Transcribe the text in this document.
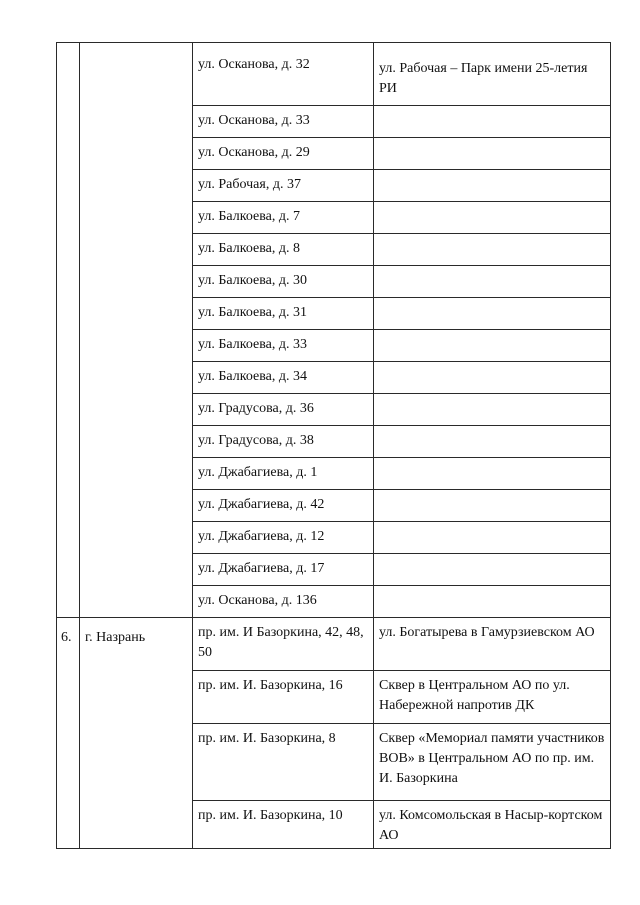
		ул. Осканова, д. 32	ул. Рабочая – Парк имени 25-летия РИ

		ул. Осканова, д. 33	

		ул. Осканова, д. 29	

		ул. Рабочая, д. 37	

		ул. Балкоева, д. 7	

		ул. Балкоева, д. 8	

		ул. Балкоева, д. 30	

		ул. Балкоева, д. 31	

		ул. Балкоева, д. 33	

		ул. Балкоева, д. 34	

		ул. Градусова, д. 36	

		ул. Градусова, д. 38	

		ул. Джабагиева, д. 1	

		ул. Джабагиева, д. 42	

		ул. Джабагиева, д. 12	

		ул. Джабагиева, д. 17	

		ул. Осканова, д. 136	

6.	г. Назрань	пр. им. И Базоркина, 42, 48, 50	ул. Богатырева в Гамурзиевском АО

		пр. им. И. Базоркина, 16	Сквер в Центральном АО по ул. Набережной напротив ДК

		пр. им. И. Базоркина, 8	Сквер «Мемориал памяти участников ВОВ» в Центральном АО по пр. им. И. Базоркина

		пр. им. И. Базоркина, 10	ул. Комсомольская в Насыр-кортском АО
